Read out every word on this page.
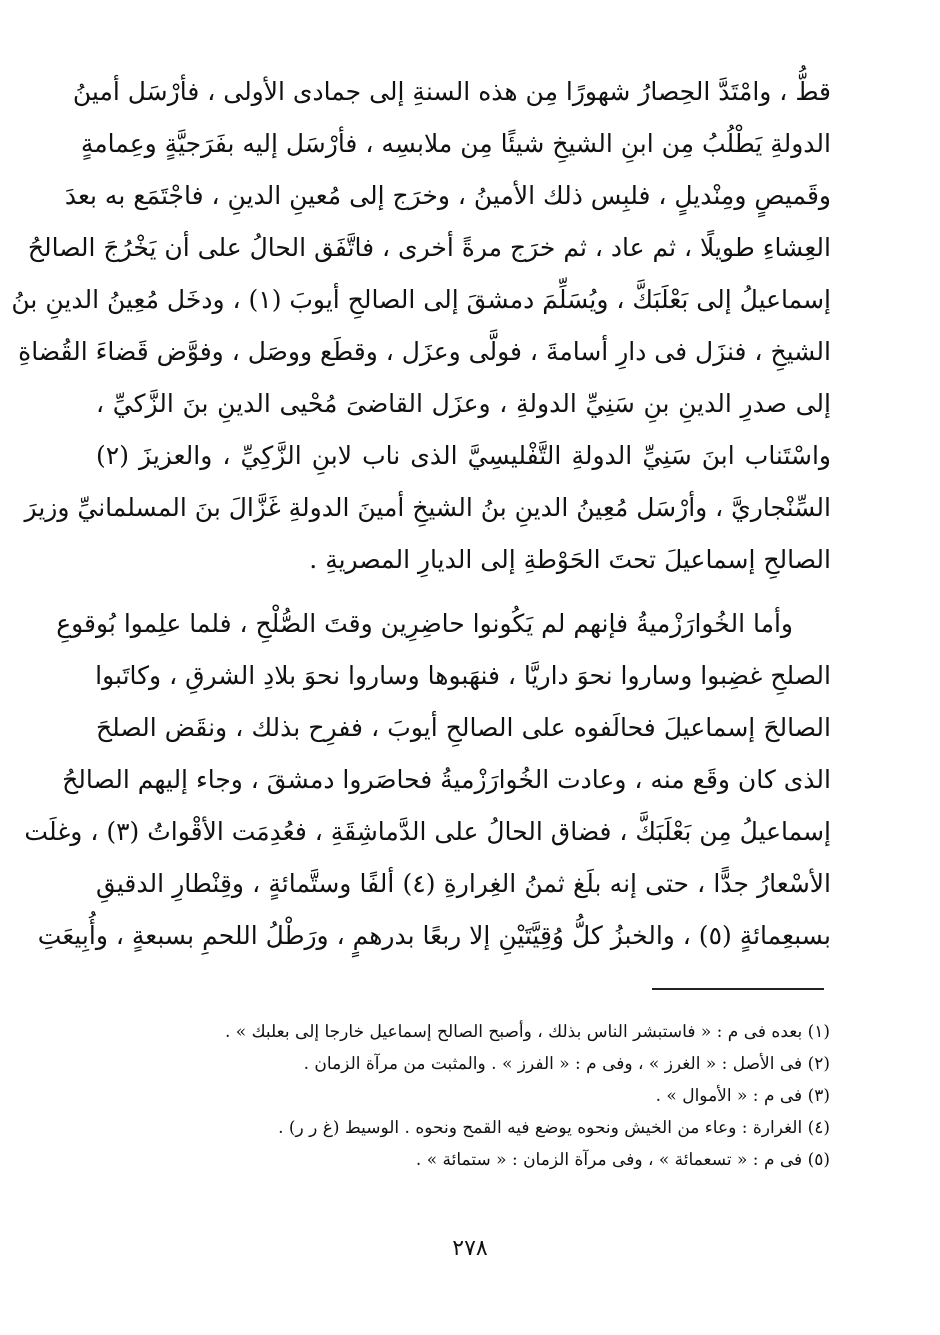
قطُّ ، وامْتَدَّ الحِصارُ شهورًا مِن هذه السنةِ إلى جمادى الأولى ، فأرْسَل أمينُ
الدولةِ يَطْلُبُ مِن ابنِ الشيخِ شيئًا مِن ملابسِه ، فأرْسَل إليه بفَرَجيَّةٍ وعِمامةٍ
وقَميصٍ ومِنْديلٍ ، فلبِس ذلك الأمينُ ، وخرَج إلى مُعينِ الدينِ ، فاجْتَمَع به بعدَ
العِشاءِ طويلًا ، ثم عاد ، ثم خرَج مرةً أخرى ، فاتَّفَق الحالُ على أن يَخْرُجَ الصالحُ
إسماعيلُ إلى بَعْلَبَكَّ ، ويُسَلِّمَ دمشقَ إلى الصالحِ أيوبَ (١) ، ودخَل مُعِينُ الدينِ بنُ
الشيخِ ، فنزَل فى دارِ أسامةَ ، فولَّى وعزَل ، وقطَع ووصَل ، وفوَّض قَضاءَ القُضاةِ
إلى صدرِ الدينِ بنِ سَنِيِّ الدولةِ ، وعزَل القاضىَ مُحْيى الدينِ بنَ الزَّكيِّ ،
واسْتَناب ابنَ سَنِيِّ الدولةِ التَّفْليسِيَّ الذى ناب لابنِ الزَّكِيِّ ، والعزيزَ (٢)
السِّنْجاريَّ ، وأرْسَل مُعِينُ الدينِ بنُ الشيخِ أمينَ الدولةِ غَزَّالَ بنَ المسلمانيِّ وزيرَ
الصالحِ إسماعيلَ تحتَ الحَوْطةِ إلى الديارِ المصريةِ .
وأما الخُوارَزْميةُ فإنهم لم يَكُونوا حاضِرِين وقتَ الصُّلْحِ ، فلما علِموا بُوقوعِ
الصلحِ غضِبوا وساروا نحوَ داريَّا ، فنهَبوها وساروا نحوَ بلادِ الشرقِ ، وكاتَبوا
الصالحَ إسماعيلَ فحالَفوه على الصالحِ أيوبَ ، ففرِح بذلك ، ونقَض الصلحَ
الذى كان وقَع منه ، وعادت الخُوارَزْميةُ فحاصَروا دمشقَ ، وجاء إليهم الصالحُ
إسماعيلُ مِن بَعْلَبَكَّ ، فضاق الحالُ على الدَّماشِقَةِ ، فعُدِمَت الأقْواتُ (٣) ، وغلَت
الأسْعارُ جدًّا ، حتى إنه بلَغ ثمنُ الغِرارةِ (٤) ألفًا وستَّمائةٍ ، وقِنْطارِ الدقيقِ
بسبعِمائةٍ (٥) ، والخبزُ كلُّ وُقِيَّتَيْنِ إلا ربعًا بدرهمٍ ، ورَطْلُ اللحمِ بسبعةٍ ، وأُبِيعَتِ
(١) بعده فى م : « فاستبشر الناس بذلك ، وأصبح الصالح إسماعيل خارجا إلى بعلبك » .
(٢) فى الأصل : « الغرز » ، وفى م : « الفرز » . والمثبت من مرآة الزمان .
(٣) فى م : « الأموال » .
(٤) الغرارة : وعاء من الخيش ونحوه يوضع فيه القمح ونحوه . الوسيط (غ ر ر) .
(٥) فى م : « تسعمائة » ، وفى مرآة الزمان : « ستمائة » .
٢٧٨
